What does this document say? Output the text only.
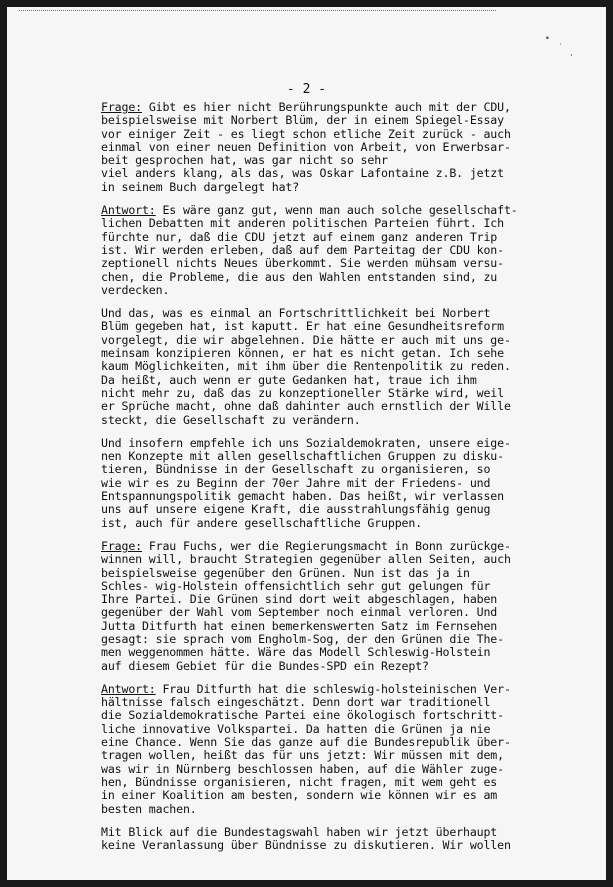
• ˋ ·
- 2 -
Frage: Gibt es hier nicht Berührungspunkte auch mit der CDU,
beispielsweise mit Norbert Blüm, der in einem Spiegel-Essay
vor einiger Zeit - es liegt schon etliche Zeit zurück - auch
einmal von einer neuen Definition von Arbeit, von Erwerbsar-
beit gesprochen hat, was gar nicht so sehr
viel anders klang, als das, was Oskar Lafontaine z.B. jetzt
in seinem Buch dargelegt hat?
Antwort: Es wäre ganz gut, wenn man auch solche gesellschaft-
lichen Debatten mit anderen politischen Parteien führt. Ich
fürchte nur, daß die CDU jetzt auf einem ganz anderen Trip
ist. Wir werden erleben, daß auf dem Parteitag der CDU kon-
zeptionell nichts Neues überkommt. Sie werden mühsam versu-
chen, die Probleme, die aus den Wahlen entstanden sind, zu
verdecken.
Und das, was es einmal an Fortschrittlichkeit bei Norbert
Blüm gegeben hat, ist kaputt. Er hat eine Gesundheitsreform
vorgelegt, die wir abgelehnen. Die hätte er auch mit uns ge-
meinsam konzipieren können, er hat es nicht getan. Ich sehe
kaum Möglichkeiten, mit ihm über die Rentenpolitik zu reden.
Da heißt, auch wenn er gute Gedanken hat, traue ich ihm
nicht mehr zu, daß das zu konzeptioneller Stärke wird, weil
er Sprüche macht, ohne daß dahinter auch ernstlich der Wille
steckt, die Gesellschaft zu verändern.
Und insofern empfehle ich uns Sozialdemokraten, unsere eige-
nen Konzepte mit allen gesellschaftlichen Gruppen zu disku-
tieren, Bündnisse in der Gesellschaft zu organisieren, so
wie wir es zu Beginn der 70er Jahre mit der Friedens- und
Entspannungspolitik gemacht haben. Das heißt, wir verlassen
uns auf unsere eigene Kraft, die ausstrahlungsfähig genug
ist, auch für andere gesellschaftliche Gruppen.
Frage: Frau Fuchs, wer die Regierungsmacht in Bonn zurückge-
winnen will, braucht Strategien gegenüber allen Seiten, auch
beispielsweise gegenüber den Grünen. Nun ist das ja in
Schles- wig-Holstein offensichtlich sehr gut gelungen für
Ihre Partei. Die Grünen sind dort weit abgeschlagen, haben
gegenüber der Wahl vom September noch einmal verloren. Und
Jutta Ditfurth hat einen bemerkenswerten Satz im Fernsehen
gesagt: sie sprach vom Engholm-Sog, der den Grünen die The-
men weggenommen hätte. Wäre das Modell Schleswig-Holstein
auf diesem Gebiet für die Bundes-SPD ein Rezept?
Antwort: Frau Ditfurth hat die schleswig-holsteinischen Ver-
hältnisse falsch eingeschätzt. Denn dort war traditionell
die Sozialdemokratische Partei eine ökologisch fortschritt-
liche innovative Volkspartei. Da hatten die Grünen ja nie
eine Chance. Wenn Sie das ganze auf die Bundesrepublik über-
tragen wollen, heißt das für uns jetzt: Wir müssen mit dem,
was wir in Nürnberg beschlossen haben, auf die Wähler zuge-
hen, Bündnisse organisieren, nicht fragen, mit wem geht es
in einer Koalition am besten, sondern wie können wir es am
besten machen.
Mit Blick auf die Bundestagswahl haben wir jetzt überhaupt
keine Veranlassung über Bündnisse zu diskutieren. Wir wollen
